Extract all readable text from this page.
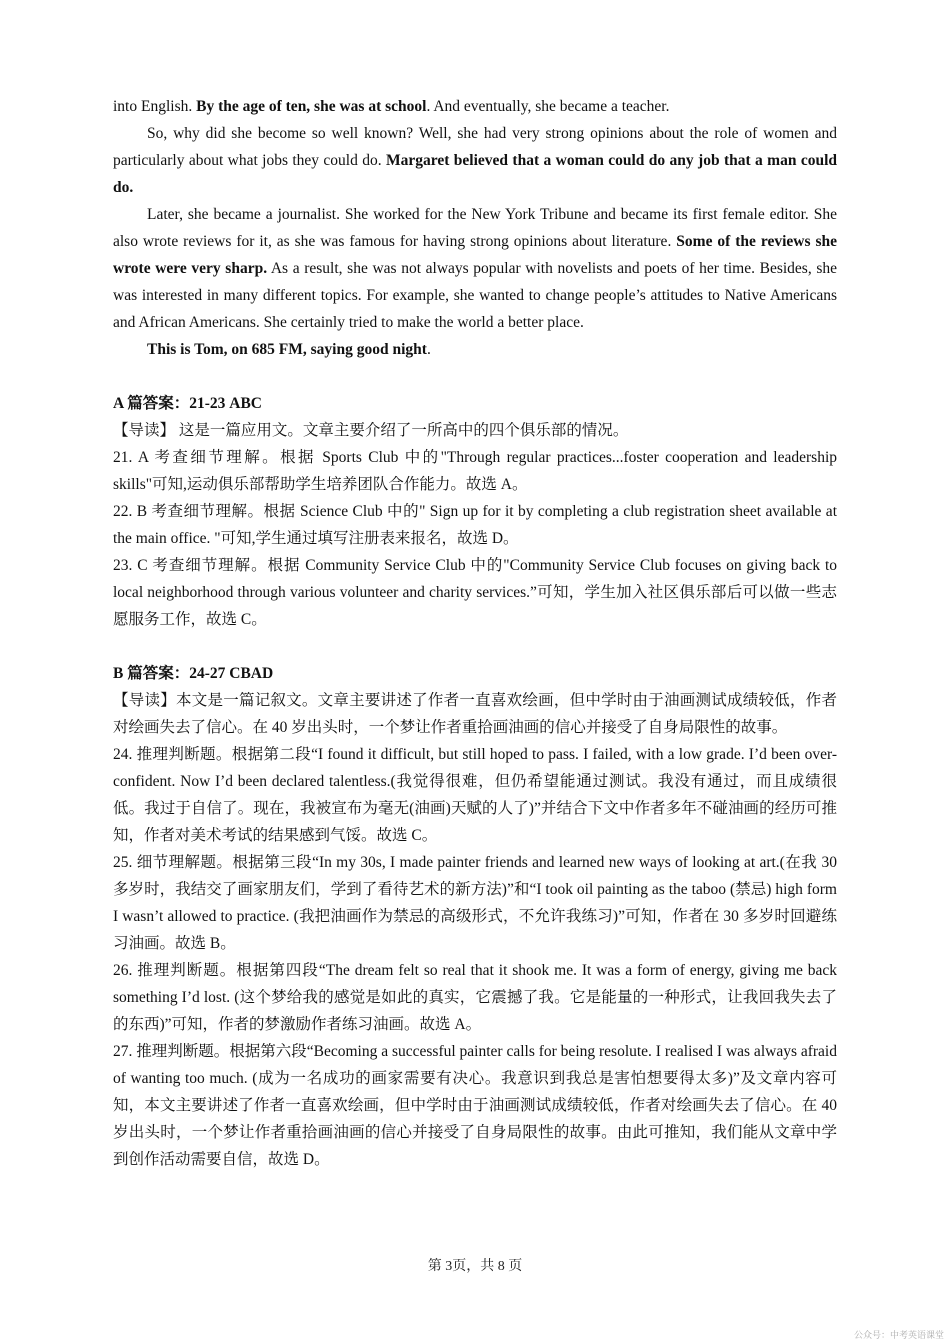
into English. By the age of ten, she was at school. And eventually, she became a teacher.

So, why did she become so well known? Well, she had very strong opinions about the role of women and particularly about what jobs they could do. Margaret believed that a woman could do any job that a man could do.

Later, she became a journalist. She worked for the New York Tribune and became its first female editor. She also wrote reviews for it, as she was famous for having strong opinions about literature. Some of the reviews she wrote were very sharp. As a result, she was not always popular with novelists and poets of her time. Besides, she was interested in many different topics. For example, she wanted to change people’s attitudes to Native Americans and African Americans. She certainly tried to make the world a better place.

This is Tom, on 685 FM, saying good night.

A 篇答案：21-23 ABC

【导读】 这是一篇应用文。文章主要介绍了一所高中的四个俱乐部的情况。

21. A 考查细节理解。根据 Sports Club 中的"Through regular practices...foster cooperation and leadership skills"可知,运动俱乐部帮助学生培养团队合作能力。故选 A。

22. B 考查细节理解。根据 Science Club 中的" Sign up for it by completing a club registration sheet available at the main office. "可知,学生通过填写注册表来报名，故选 D。

23. C 考查细节理解。根据 Community Service Club 中的"Community Service Club focuses on giving back to local neighborhood through various volunteer and charity services.”可知，学生加入社区俱乐部后可以做一些志愿服务工作，故选 C。

B 篇答案：24-27 CBAD

【导读】本文是一篇记叙文。文章主要讲述了作者一直喜欢绘画，但中学时由于油画测试成绩较低，作者对绘画失去了信心。在 40 岁出头时，一个梦让作者重拾画油画的信心并接受了自身局限性的故事。

24. 推理判断题。根据第二段“I found it difficult, but still hoped to pass. I failed, with a low grade. I’d been over-confident. Now I’d been declared talentless.(我觉得很难，但仍希望能通过测试。我没有通过，而且成绩很低。我过于自信了。现在，我被宣布为毫无(油画)天赋的人了)”并结合下文中作者多年不碰油画的经历可推知，作者对美术考试的结果感到气馁。故选 C。

25. 细节理解题。根据第三段“In my 30s, I made painter friends and learned new ways of looking at art.(在我 30 多岁时，我结交了画家朋友们，学到了看待艺术的新方法)”和“I took oil painting as the taboo (禁忌) high form I wasn’t allowed to practice. (我把油画作为禁忌的高级形式，不允许我练习)”可知，作者在 30 多岁时回避练习油画。故选 B。

26. 推理判断题。根据第四段“The dream felt so real that it shook me. It was a form of energy, giving me back something I’d lost. (这个梦给我的感觉是如此的真实，它震撼了我。它是能量的一种形式，让我回我失去了的东西)”可知，作者的梦激励作者练习油画。故选 A。

27. 推理判断题。根据第六段“Becoming a successful painter calls for being resolute. I realised I was always afraid of wanting too much. (成为一名成功的画家需要有决心。我意识到我总是害怕想要得太多)”及文章内容可知，本文主要讲述了作者一直喜欢绘画，但中学时由于油画测试成绩较低，作者对绘画失去了信心。在 40 岁出头时，一个梦让作者重拾画油画的信心并接受了自身局限性的故事。由此可推知，我们能从文章中学到创作活动需要自信，故选 D。

第 3页，共 8 页
公众号：中考英语课堂
